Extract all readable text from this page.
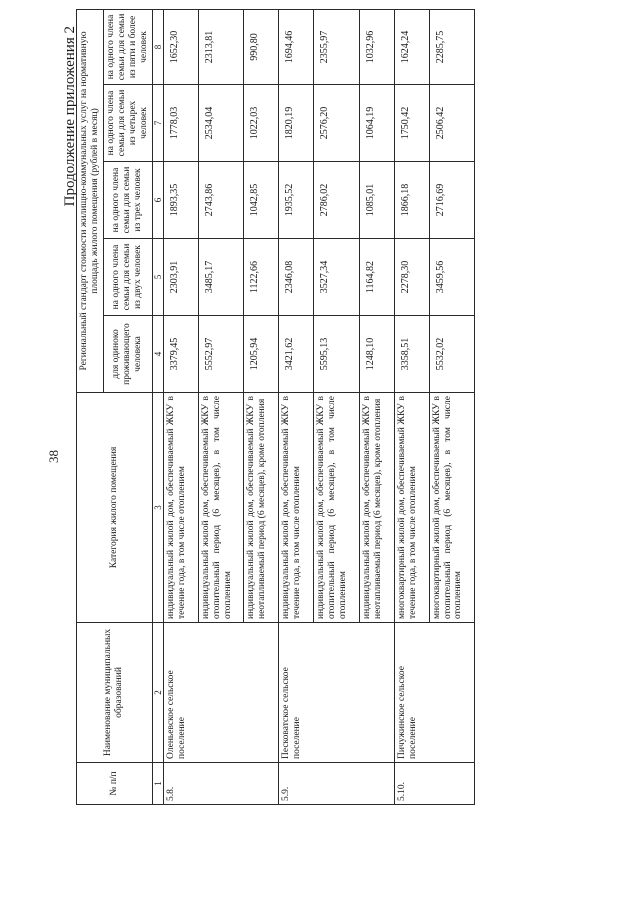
38
Продолжение приложения 2
№ п/п	Наименование муниципальных образований	Категория жилого помещения	Региональный стандарт стоимости жилищно-коммунальных услуг на нормативную площадь жилого помещения (рублей в месяц)				
			для одиноко проживающего человека	на одного члена семьи для семьи из двух человек	на одного члена семьи для семьи из трех человек	на одного члена семьи для семьи из четырех человек	на одного члена семьи для семьи из пяти и более человек
1	2	3	4	5	6	7	8
5.8.	Оленьевское сельское поселение	индивидуальный жилой дом, обеспечиваемый ЖКУ в течение года, в том числе отоплением	3379,45	2303,91	1893,35	1778,03	1652,30
		индивидуальный жилой дом, обеспечиваемый ЖКУ в отопительный период (6 месяцев), в том числе отоплением	5552,97	3485,17	2743,86	2534,04	2313,81
		индивидуальный жилой дом, обеспечиваемый ЖКУ в неотапливаемый период (6 месяцев), кроме отопления	1205,94	1122,66	1042,85	1022,03	990,80
5.9.	Песковатское сельское поселение	индивидуальный жилой дом, обеспечиваемый ЖКУ в течение года, в том числе отоплением	3421,62	2346,08	1935,52	1820,19	1694,46
		индивидуальный жилой дом, обеспечиваемый ЖКУ в отопительный период (6 месяцев), в том числе отоплением	5595,13	3527,34	2786,02	2576,20	2355,97
		индивидуальный жилой дом, обеспечиваемый ЖКУ в неотапливаемый период (6 месяцев), кроме отопления	1248,10	1164,82	1085,01	1064,19	1032,96
5.10.	Пичужинское сельское поселение	многоквартирный жилой дом, обеспечиваемый ЖКУ в течение года, в том числе отоплением	3358,51	2278,30	1866,18	1750,42	1624,24
		многоквартирный жилой дом, обеспечиваемый ЖКУ в отопительный период (6 месяцев), в том числе отоплением	5532,02	3459,56	2716,69	2506,42	2285,75
